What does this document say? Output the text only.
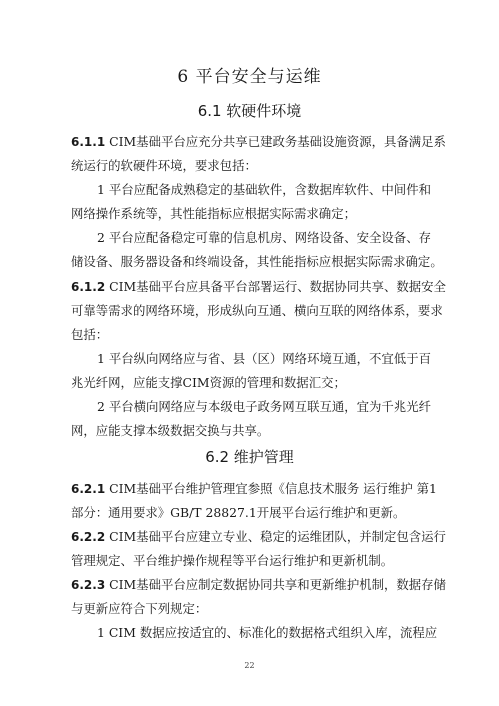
6 平台安全与运维
6.1 软硬件环境
6.1.1 CIM基础平台应充分共享已建政务基础设施资源，具备满足系
统运行的软硬件环境，要求包括：
1 平台应配备成熟稳定的基础软件，含数据库软件、中间件和
网络操作系统等，其性能指标应根据实际需求确定；
2 平台应配备稳定可靠的信息机房、网络设备、安全设备、存
储设备、服务器设备和终端设备，其性能指标应根据实际需求确定。
6.1.2 CIM基础平台应具备平台部署运行、数据协同共享、数据安全
可靠等需求的网络环境，形成纵向互通、横向互联的网络体系，要求
包括：
1 平台纵向网络应与省、县（区）网络环境互通，不宜低于百
兆光纤网，应能支撑CIM资源的管理和数据汇交；
2 平台横向网络应与本级电子政务网互联互通，宜为千兆光纤
网，应能支撑本级数据交换与共享。
6.2 维护管理
6.2.1 CIM基础平台维护管理宜参照《信息技术服务 运行维护 第1
部分：通用要求》GB/T 28827.1开展平台运行维护和更新。
6.2.2 CIM基础平台应建立专业、稳定的运维团队，并制定包含运行
管理规定、平台维护操作规程等平台运行维护和更新机制。
6.2.3 CIM基础平台应制定数据协同共享和更新维护机制，数据存储
与更新应符合下列规定：
1 CIM 数据应按适宜的、标准化的数据格式组织入库，流程应
22
